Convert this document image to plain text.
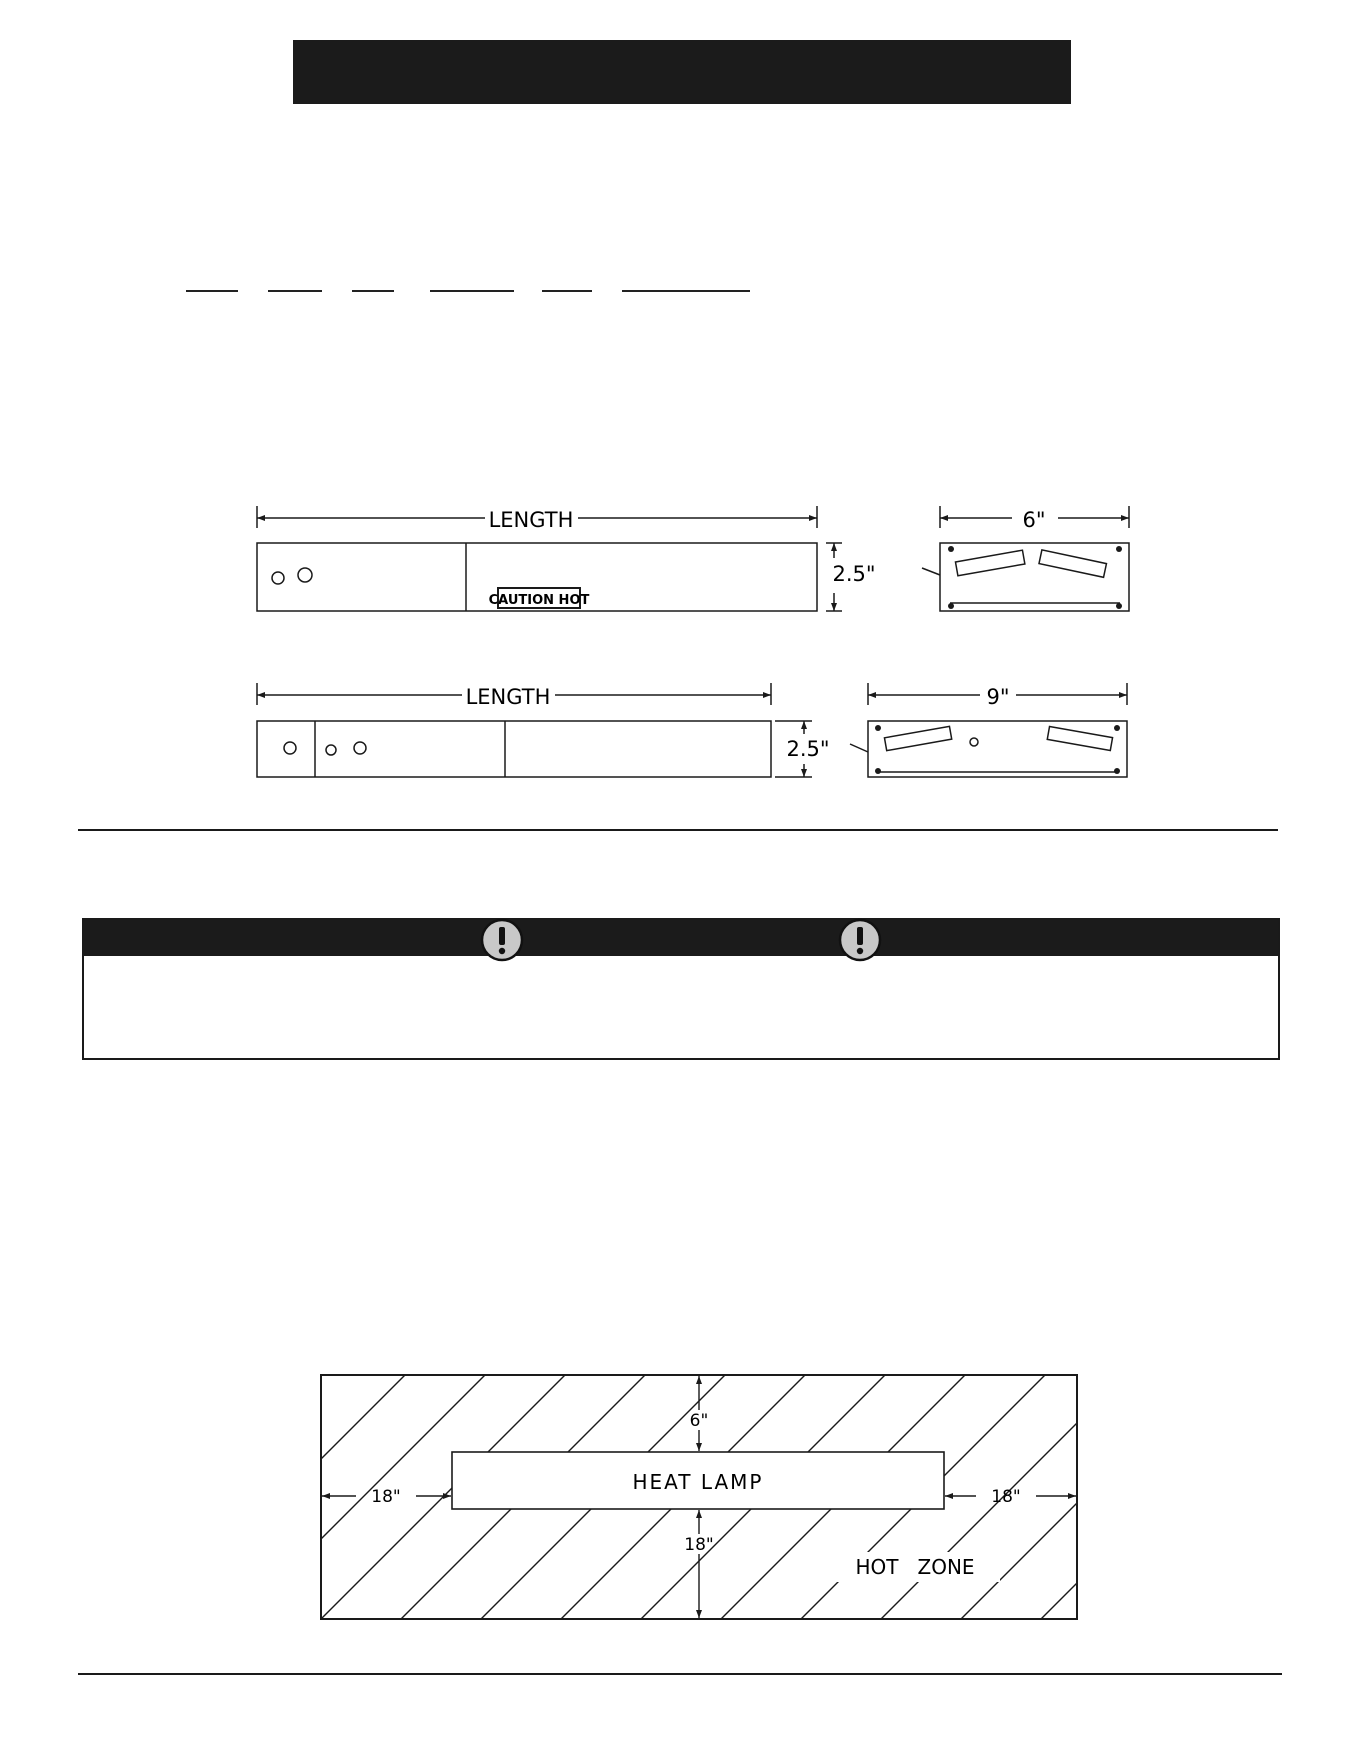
LENGTH
2.5"
6"
CAUTION HOT
LENGTH
2.5"
9"
HEAT LAMP
6"
18"
18"	18"
HOT   ZONE
